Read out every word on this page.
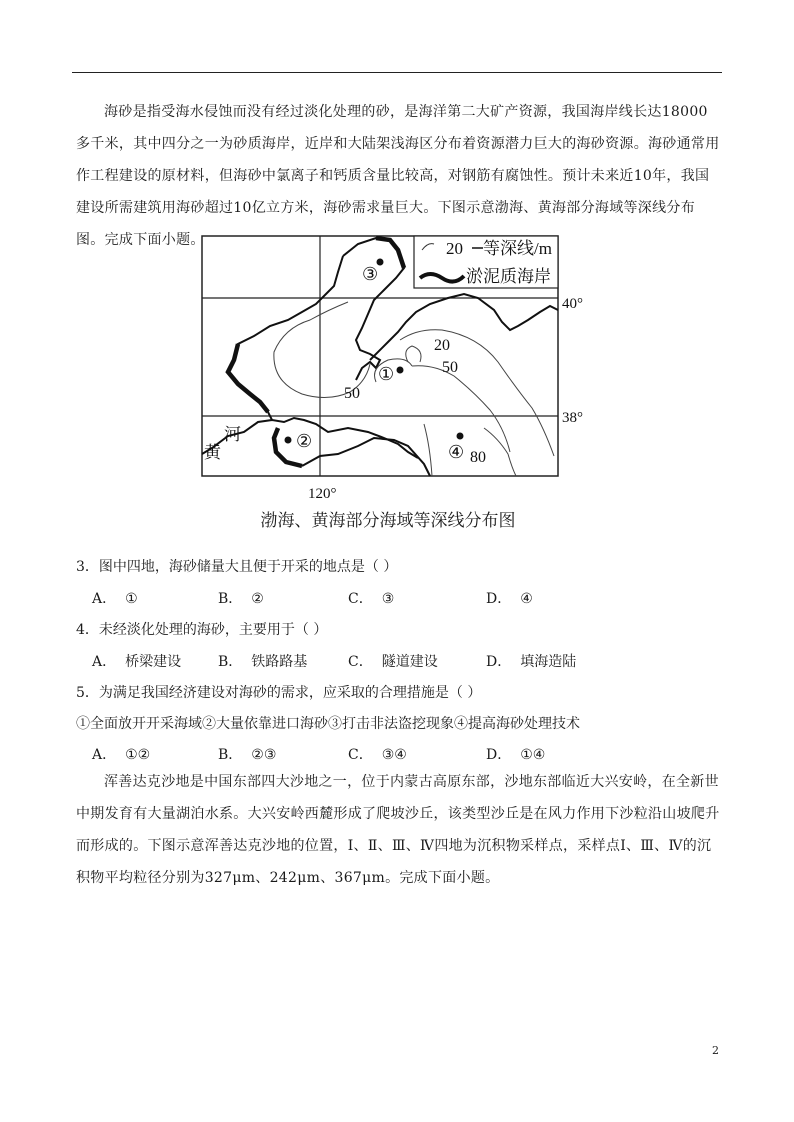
海砂是指受海水侵蚀而没有经过淡化处理的砂，是海洋第二大矿产资源，我国海岸线长达18000多千米，其中四分之一为砂质海岸，近岸和大陆架浅海区分布着资源潜力巨大的海砂资源。海砂通常用作工程建设的原材料，但海砂中氯离子和钙质含量比较高，对钢筋有腐蚀性。预计未来近10年，我国建设所需建筑用海砂超过10亿立方米，海砂需求量巨大。下图示意渤海、黄海部分海域等深线分布图。完成下面小题。	20 等深线/m
淤泥质海岸
③
①
②
④
20
50
50
80
河
黄
40°
38°
120°
渤海、黄海部分海域等深线分布图

3．图中四地，海砂储量大且便于开采的地点是（ ）

A． ①	B． ②	C． ③	D． ④

4．未经淡化处理的海砂，主要用于（ ）

A． 桥梁建设	B． 铁路路基	C． 隧道建设	D． 填海造陆

5．为满足我国经济建设对海砂的需求，应采取的合理措施是（ ）

①全面放开开采海域②大量依靠进口海砂③打击非法盗挖现象④提高海砂处理技术

A． ①②	B． ②③	C． ③④	D． ①④

浑善达克沙地是中国东部四大沙地之一，位于内蒙古高原东部，沙地东部临近大兴安岭，在全新世中期发育有大量湖泊水系。大兴安岭西麓形成了爬坡沙丘，该类型沙丘是在风力作用下沙粒沿山坡爬升而形成的。下图示意浑善达克沙地的位置，Ⅰ、Ⅱ、Ⅲ、Ⅳ四地为沉积物采样点，采样点Ⅰ、Ⅲ、Ⅳ的沉积物平均粒径分别为327μm、242μm、367μm。完成下面小题。

2
